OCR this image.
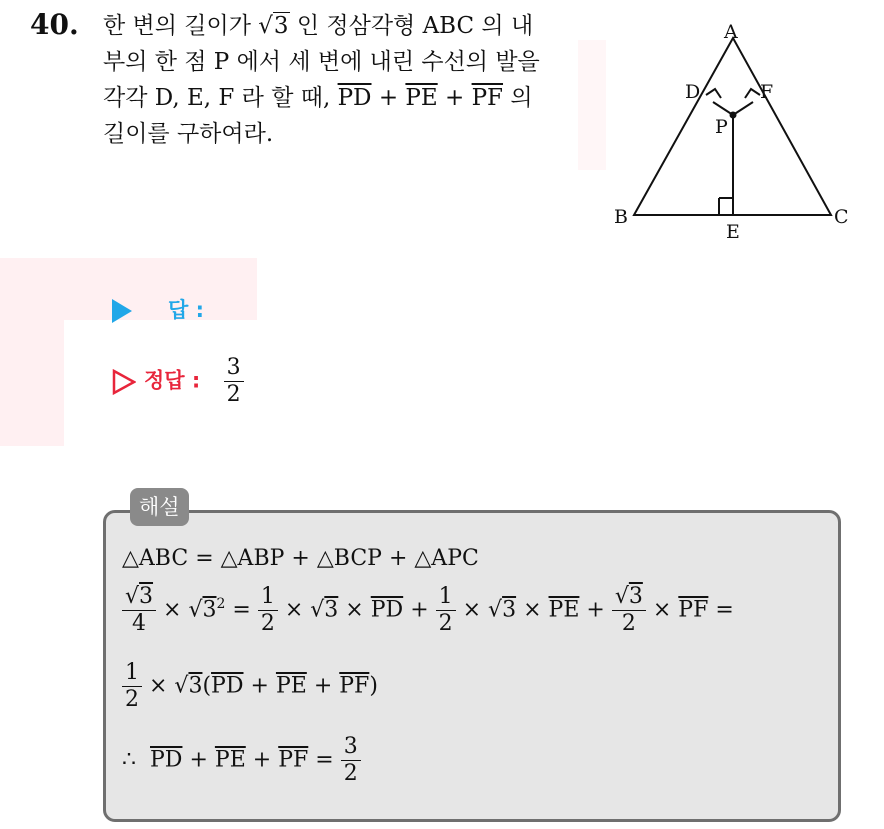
40. 한 변의 길이가 √3 인 정삼각형 ABC 의 내
부의 한 점 P 에서 세 변에 내린 수선의 발을
각각 D, E, F 라 할 때, $\overline{PD} + \overline{PE} + \overline{PF}$ 의
길이를 구하여라.
A
B	C
D
E
F
P
답 :
정답 : $\frac{3}{2}$
해설
△ABC = △ABP + △BCP + △APC
$\frac{√3}{4} \times √3^2 = \frac{1}{2} \times √3 \times \overline{PD} + \frac{1}{2} \times √3 \times \overline{PE} + \frac{√3}{2} \times \overline{PF}$ =
$\frac{1}{2} \times √3(\overline{PD} + \overline{PE} + \overline{PF})$
∴ $\overline{PD} + \overline{PE} + \overline{PF} = \frac{3}{2}$
